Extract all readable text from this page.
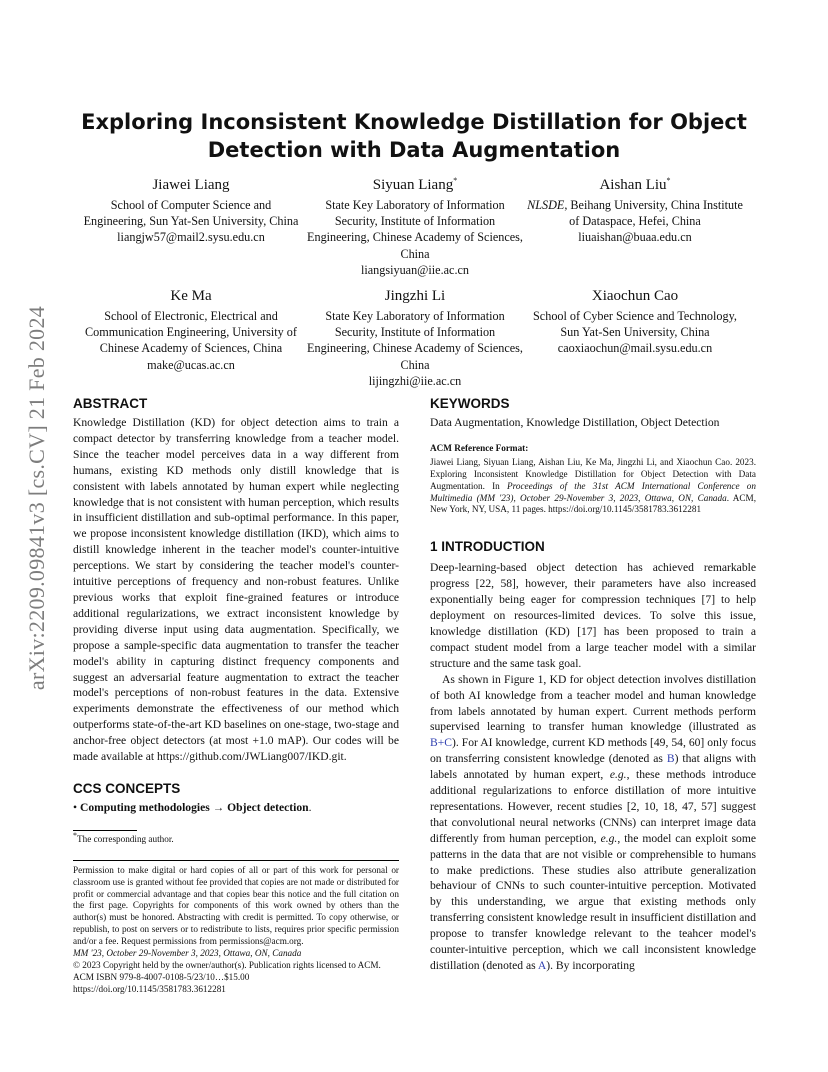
arXiv:2209.09841v3 [cs.CV] 21 Feb 2024
Exploring Inconsistent Knowledge Distillation for Object Detection with Data Augmentation
Jiawei Liang
School of Computer Science and Engineering, Sun Yat-Sen University, China
liangjw57@mail2.sysu.edu.cn
Siyuan Liang*
State Key Laboratory of Information Security, Institute of Information Engineering, Chinese Academy of Sciences, China
liangsiyuan@iie.ac.cn
Aishan Liu*
NLSDE, Beihang University, China Institute of Dataspace, Hefei, China
liuaishan@buaa.edu.cn
Ke Ma
School of Electronic, Electrical and Communication Engineering, University of Chinese Academy of Sciences, China
make@ucas.ac.cn
Jingzhi Li
State Key Laboratory of Information Security, Institute of Information Engineering, Chinese Academy of Sciences, China
lijingzhi@iie.ac.cn
Xiaochun Cao
School of Cyber Science and Technology, Sun Yat-Sen University, China
caoxiaochun@mail.sysu.edu.cn
ABSTRACT

Knowledge Distillation (KD) for object detection aims to train a compact detector by transferring knowledge from a teacher model. Since the teacher model perceives data in a way different from humans, existing KD methods only distill knowledge that is consistent with labels annotated by human expert while neglecting knowledge that is not consistent with human perception, which results in insufficient distillation and sub-optimal performance. In this paper, we propose inconsistent knowledge distillation (IKD), which aims to distill knowledge inherent in the teacher model's counter-intuitive perceptions. We start by considering the teacher model's counter-intuitive perceptions of frequency and non-robust features. Unlike previous works that exploit fine-grained features or introduce additional regularizations, we extract inconsistent knowledge by providing diverse input using data augmentation. Specifically, we propose a sample-specific data augmentation to transfer the teacher model's ability in capturing distinct frequency components and suggest an adversarial feature augmentation to extract the teacher model's perceptions of non-robust features in the data. Extensive experiments demonstrate the effectiveness of our method which outperforms state-of-the-art KD baselines on one-stage, two-stage and anchor-free object detectors (at most +1.0 mAP). Our codes will be made available at https://github.com/JWLiang007/IKD.git.

CCS CONCEPTS
• Computing methodologies → Object detection.
*The corresponding author.

Permission to make digital or hard copies of all or part of this work for personal or classroom use is granted without fee provided that copies are not made or distributed for profit or commercial advantage and that copies bear this notice and the full citation on the first page. Copyrights for components of this work owned by others than the author(s) must be honored. Abstracting with credit is permitted. To copy otherwise, or republish, to post on servers or to redistribute to lists, requires prior specific permission and/or a fee. Request permissions from permissions@acm.org.

MM '23, October 29-November 3, 2023, Ottawa, ON, Canada

© 2023 Copyright held by the owner/author(s). Publication rights licensed to ACM.

ACM ISBN 979-8-4007-0108-5/23/10…$15.00

https://doi.org/10.1145/3581783.3612281

KEYWORDS
Data Augmentation, Knowledge Distillation, Object Detection

ACM Reference Format:

Jiawei Liang, Siyuan Liang, Aishan Liu, Ke Ma, Jingzhi Li, and Xiaochun Cao. 2023. Exploring Inconsistent Knowledge Distillation for Object Detection with Data Augmentation. In Proceedings of the 31st ACM International Conference on Multimedia (MM '23), October 29-November 3, 2023, Ottawa, ON, Canada. ACM, New York, NY, USA, 11 pages. https://doi.org/10.1145/3581783.3612281

1 INTRODUCTION

Deep-learning-based object detection has achieved remarkable progress [22, 58], however, their parameters have also increased exponentially being eager for compression techniques [7] to help deployment on resources-limited devices. To solve this issue, knowledge distillation (KD) [17] has been proposed to train a compact student model from a large teacher model with a similar structure and the same task goal.

As shown in Figure 1, KD for object detection involves distillation of both AI knowledge from a teacher model and human knowledge from labels annotated by human expert. Current methods perform supervised learning to transfer human knowledge (illustrated as B+C). For AI knowledge, current KD methods [49, 54, 60] only focus on transferring consistent knowledge (denoted as B) that aligns with labels annotated by human expert, e.g., these methods introduce additional regularizations to enforce distillation of more intuitive representations. However, recent studies [2, 10, 18, 47, 57] suggest that convolutional neural networks (CNNs) can interpret image data differently from human perception, e.g., the model can exploit some patterns in the data that are not visible or comprehensible to humans to make predictions. These studies also attribute generalization behaviour of CNNs to such counter-intuitive perception. Motivated by this understanding, we argue that existing methods only transferring consistent knowledge result in insufficient distillation and propose to transfer knowledge relevant to the teahcer model's counter-intuitive perception, which we call inconsistent knowledge distillation (denoted as A). By incorporating
